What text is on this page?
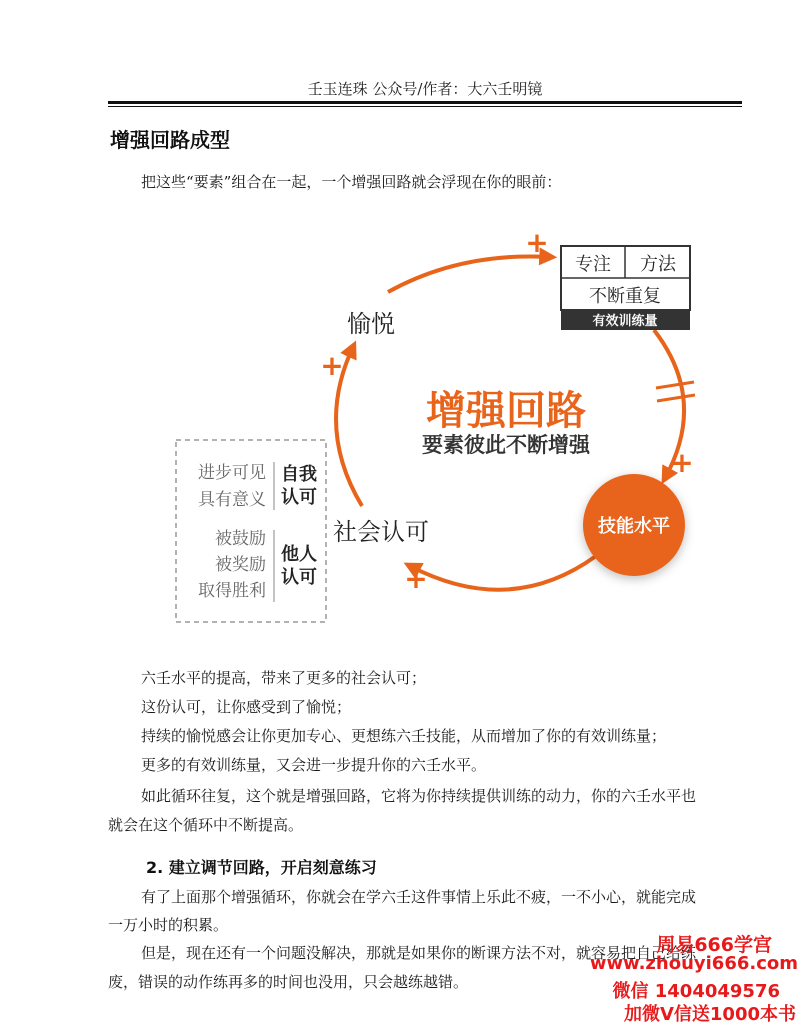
壬玉连珠 公众号/作者：大六壬明镜
增强回路成型
把这些“要素”组合在一起，一个增强回路就会浮现在你的眼前：
+
+
+
+
增强回路
要素彼此不断增强
专注 方法
不断重复
有效训练量
愉悦
社会认可	技能水平
进步可见
具有意义
自我
认可
被鼓励
被奖励
取得胜利
他人
认可
六壬水平的提高，带来了更多的社会认可；
这份认可，让你感受到了愉悦；
持续的愉悦感会让你更加专心、更想练六壬技能，从而增加了你的有效训练量；
更多的有效训练量，又会进一步提升你的六壬水平。
如此循环往复，这个就是增强回路，它将为你持续提供训练的动力，你的六壬水平也
就会在这个循环中不断提高。
2. 建立调节回路，开启刻意练习
有了上面那个增强循环，你就会在学六壬这件事情上乐此不疲，一不小心，就能完成
一万小时的积累。
但是，现在还有一个问题没解决，那就是如果你的断课方法不对，就容易把自己给练
废，错误的动作练再多的时间也没用，只会越练越错。
周易666学宫
www.zhouyi666.com
微信 1404049576
加微V信送1000本书
